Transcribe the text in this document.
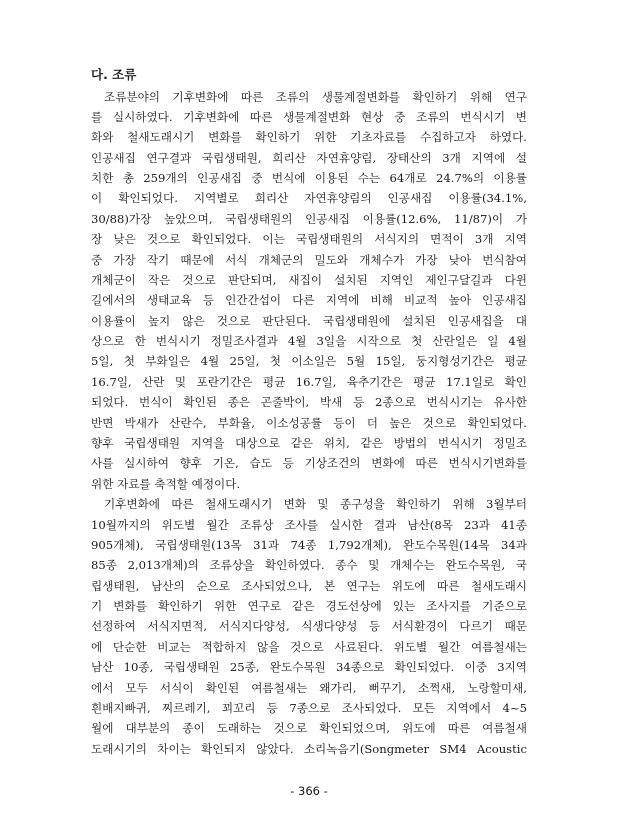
다. 조류
조류분야의 기후변화에 따른 조류의 생물계절변화를 확인하기 위해 연구
를 실시하였다. 기후변화에 따른 생물계절변화 현상 중 조류의 번식시기 변
화와 철새도래시기 변화를 확인하기 위한 기초자료를 수집하고자 하였다.
인공새집 연구결과 국립생태원, 희리산 자연휴양림, 장태산의 3개 지역에 설
치한 총 259개의 인공새집 중 번식에 이용된 수는 64개로 24.7%의 이용률
이 확인되었다. 지역별로 희리산 자연휴양림의 인공새집 이용률(34.1%,
30/88)가장 높았으며, 국립생태원의 인공새집 이용률(12.6%, 11/87)이 가
장 낮은 것으로 확인되었다. 이는 국립생태원의 서식지의 면적이 3개 지역
중 가장 작기 때문에 서식 개체군의 밀도와 개체수가 가장 낮아 번식참여
개체군이 작은 것으로 판단되며, 새집이 설치된 지역인 제인구달길과 다윈
길에서의 생태교육 등 인간간섭이 다른 지역에 비해 비교적 높아 인공새집
이용률이 높지 않은 것으로 판단된다. 국립생태원에 설치된 인공새집을 대
상으로 한 번식시기 정밀조사결과 4월 3일을 시작으로 첫 산란일은 일 4월
5일, 첫 부화일은 4월 25일, 첫 이소일은 5월 15일, 둥지형성기간은 평균
16.7일, 산란 및 포란기간은 평균 16.7일, 육추기간은 평균 17.1일로 확인
되었다. 번식이 확인된 종은 곤줄박이, 박새 등 2종으로 번식시기는 유사한
반면 박새가 산란수, 부화율, 이소성공률 등이 더 높은 것으로 확인되었다.
향후 국립생태원 지역을 대상으로 같은 위치, 같은 방법의 번식시기 정밀조
사를 실시하여 향후 기온, 습도 등 기상조건의 변화에 따른 번식시기변화를
위한 자료를 축적할 예정이다.
기후변화에 따른 철새도래시기 변화 및 종구성을 확인하기 위해 3월부터
10월까지의 위도별 월간 조류상 조사를 실시한 결과 남산(8목 23과 41종
905개체), 국립생태원(13목 31과 74종 1,792개체), 완도수목원(14목 34과
85종 2,013개체)의 조류상을 확인하였다. 종수 및 개체수는 완도수목원, 국
립생태원, 남산의 순으로 조사되었으나, 본 연구는 위도에 따른 철새도래시
기 변화를 확인하기 위한 연구로 같은 경도선상에 있는 조사지를 기준으로
선정하여 서식지면적, 서식지다양성, 식생다양성 등 서식환경이 다르기 때문
에 단순한 비교는 적합하지 않을 것으로 사료된다. 위도별 월간 여름철새는
남산 10종, 국립생태원 25종, 완도수목원 34종으로 확인되었다. 이중 3지역
에서 모두 서식이 확인된 여름철새는 왜가리, 뻐꾸기, 소쩍새, 노랑할미새,
흰배지빠귀, 찌르레기, 꾀꼬리 등 7종으로 조사되었다. 모든 지역에서 4~5
월에 대부분의 종이 도래하는 것으로 확인되었으며, 위도에 따른 여름철새
도래시기의 차이는 확인되지 않았다. 소리녹음기(Songmeter SM4 Acoustic
- 366 -
